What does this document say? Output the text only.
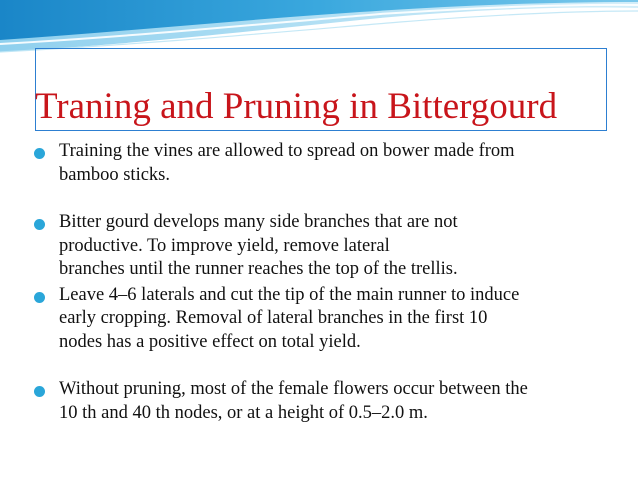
Traning and Pruning in Bittergourd
Training the vines are allowed to spread on bower made from
bamboo sticks.
Bitter gourd develops many side branches that are not
productive. To improve yield, remove lateral
branches until the runner reaches the top of the trellis.
Leave 4–6 laterals and cut the tip of the main runner to induce
early cropping. Removal of lateral branches in the first 10
nodes has a positive effect on total yield.
Without pruning, most of the female flowers occur between the
10 th and 40 th nodes, or at a height of 0.5–2.0 m.
